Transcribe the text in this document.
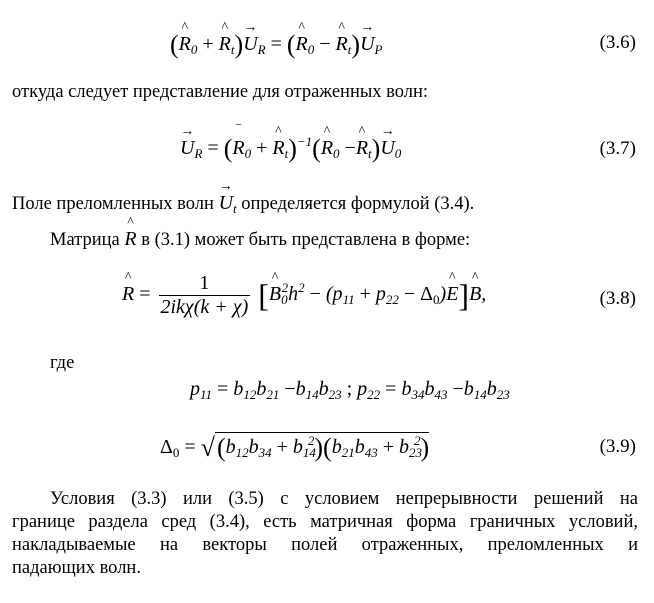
(R
^
$_0$ + R
^
$_t$)U
→
$_R$ = (R
^
$_0$ − R
^
$_t$)U
→
$_P$	(3.6)
откуда следует представление для отраженных волн:
U
→
$_R$ = (R
‾
$_0$ + R
^
$_t$)$^{-1}$(R
^
$_0$ −R
^
$_t$)U
→
$_0$	(3.7)
Поле преломленных волн U
→
$_t$ определяется формулой (3.4).
Матрица R
^
в (3.1) может быть представлена в форме:
R
^
= $\frac{1}{\text{2ikχ(k + χ)}} [B$
^
$_0^2h^2 - (p_{11} + p_{22} - \Delta_0)E$
^ ]B
^
,	(3.8)
где
$p_{11} = b_{12}b_{21} -b_{14}b_{23}$ ; $p_{22} = b_{34}b_{43} -b_{14}b_{23}$
$\Delta_0 = √(b_{12}b_{34} + b_{14}^2)(b_{21}b_{43} + b_{23}^2)$	(3.9)
Условия (3.3) или (3.5) с условием непрерывности решений на
границе раздела сред (3.4), есть матричная форма граничных условий,
накладываемые на векторы полей отраженных, преломленных и
падающих волн.
